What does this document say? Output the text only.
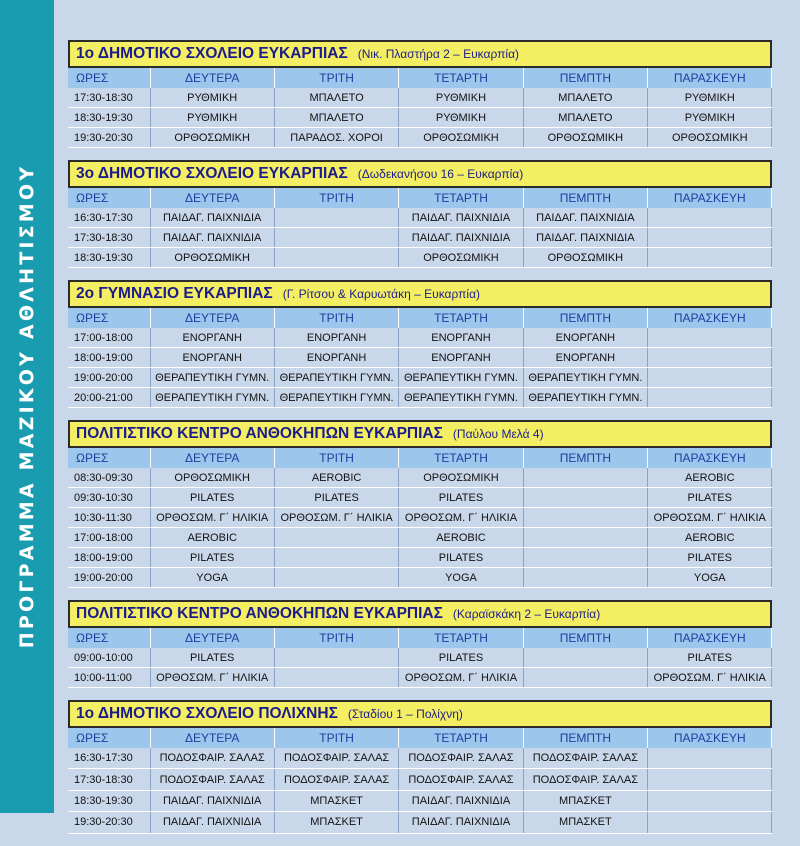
ΠΡΟΓΡΑΜΜΑ ΜΑΖΙΚΟΥ ΑΘΛΗΤΙΣΜΟΥ
1ο ΔΗΜΟΤΙΚΟ ΣΧΟΛΕΙΟ ΕΥΚΑΡΠΙΑΣ (Νικ. Πλαστήρα 2 – Ευκαρπία)
ΩΡΕΣ	ΔΕΥΤΕΡΑ	ΤΡΙΤΗ	ΤΕΤΑΡΤΗ	ΠΕΜΠΤΗ	ΠΑΡΑΣΚΕΥΗ
17:30-18:30	ΡΥΘΜΙΚΗ	ΜΠΑΛΕΤΟ	ΡΥΘΜΙΚΗ	ΜΠΑΛΕΤΟ	ΡΥΘΜΙΚΗ
18:30-19:30	ΡΥΘΜΙΚΗ	ΜΠΑΛΕΤΟ	ΡΥΘΜΙΚΗ	ΜΠΑΛΕΤΟ	ΡΥΘΜΙΚΗ
19:30-20:30	ΟΡΘΟΣΩΜΙΚΗ	ΠΑΡΑΔΟΣ. ΧΟΡΟΙ	ΟΡΘΟΣΩΜΙΚΗ	ΟΡΘΟΣΩΜΙΚΗ	ΟΡΘΟΣΩΜΙΚΗ
3ο ΔΗΜΟΤΙΚΟ ΣΧΟΛΕΙΟ ΕΥΚΑΡΠΙΑΣ (Δωδεκανήσου 16 – Ευκαρπία)
ΩΡΕΣ	ΔΕΥΤΕΡΑ	ΤΡΙΤΗ	ΤΕΤΑΡΤΗ	ΠΕΜΠΤΗ	ΠΑΡΑΣΚΕΥΗ
16:30-17:30	ΠΑΙΔΑΓ. ΠΑΙΧΝΙΔΙΑ		ΠΑΙΔΑΓ. ΠΑΙΧΝΙΔΙΑ	ΠΑΙΔΑΓ. ΠΑΙΧΝΙΔΙΑ	
17:30-18:30	ΠΑΙΔΑΓ. ΠΑΙΧΝΙΔΙΑ		ΠΑΙΔΑΓ. ΠΑΙΧΝΙΔΙΑ	ΠΑΙΔΑΓ. ΠΑΙΧΝΙΔΙΑ	
18:30-19:30	ΟΡΘΟΣΩΜΙΚΗ		ΟΡΘΟΣΩΜΙΚΗ	ΟΡΘΟΣΩΜΙΚΗ	
2ο ΓΥΜΝΑΣΙΟ ΕΥΚΑΡΠΙΑΣ (Γ. Ρίτσου & Καρυωτάκη – Ευκαρπία)
ΩΡΕΣ	ΔΕΥΤΕΡΑ	ΤΡΙΤΗ	ΤΕΤΑΡΤΗ	ΠΕΜΠΤΗ	ΠΑΡΑΣΚΕΥΗ
17:00-18:00	ΕΝΟΡΓΑΝΗ	ΕΝΟΡΓΑΝΗ	ΕΝΟΡΓΑΝΗ	ΕΝΟΡΓΑΝΗ	
18:00-19:00	ΕΝΟΡΓΑΝΗ	ΕΝΟΡΓΑΝΗ	ΕΝΟΡΓΑΝΗ	ΕΝΟΡΓΑΝΗ	
19:00-20:00	ΘΕΡΑΠΕΥΤΙΚΗ ΓΥΜΝ.	ΘΕΡΑΠΕΥΤΙΚΗ ΓΥΜΝ.	ΘΕΡΑΠΕΥΤΙΚΗ ΓΥΜΝ.	ΘΕΡΑΠΕΥΤΙΚΗ ΓΥΜΝ.	
20:00-21:00	ΘΕΡΑΠΕΥΤΙΚΗ ΓΥΜΝ.	ΘΕΡΑΠΕΥΤΙΚΗ ΓΥΜΝ.	ΘΕΡΑΠΕΥΤΙΚΗ ΓΥΜΝ.	ΘΕΡΑΠΕΥΤΙΚΗ ΓΥΜΝ.	
ΠΟΛΙΤΙΣΤΙΚΟ ΚΕΝΤΡΟ ΑΝΘΟΚΗΠΩΝ ΕΥΚΑΡΠΙΑΣ (Παύλου Μελά 4)
ΩΡΕΣ	ΔΕΥΤΕΡΑ	ΤΡΙΤΗ	ΤΕΤΑΡΤΗ	ΠΕΜΠΤΗ	ΠΑΡΑΣΚΕΥΗ
08:30-09:30	ΟΡΘΟΣΩΜΙΚΗ	AEROBIC	ΟΡΘΟΣΩΜΙΚΗ		AEROBIC
09:30-10:30	PILATES	PILATES	PILATES		PILATES
10:30-11:30	ΟΡΘΟΣΩΜ. Γ΄ ΗΛΙΚΙΑ	ΟΡΘΟΣΩΜ. Γ΄ ΗΛΙΚΙΑ	ΟΡΘΟΣΩΜ. Γ΄ ΗΛΙΚΙΑ		ΟΡΘΟΣΩΜ. Γ΄ ΗΛΙΚΙΑ
17:00-18:00	AEROBIC		AEROBIC		AEROBIC
18:00-19:00	PILATES		PILATES		PILATES
19:00-20:00	YOGA		YOGA		YOGA
ΠΟΛΙΤΙΣΤΙΚΟ ΚΕΝΤΡΟ ΑΝΘΟΚΗΠΩΝ ΕΥΚΑΡΠΙΑΣ (Καραϊσκάκη 2 – Ευκαρπία)
ΩΡΕΣ	ΔΕΥΤΕΡΑ	ΤΡΙΤΗ	ΤΕΤΑΡΤΗ	ΠΕΜΠΤΗ	ΠΑΡΑΣΚΕΥΗ
09:00-10:00	PILATES		PILATES		PILATES
10:00-11:00	ΟΡΘΟΣΩΜ. Γ΄ ΗΛΙΚΙΑ		ΟΡΘΟΣΩΜ. Γ΄ ΗΛΙΚΙΑ		ΟΡΘΟΣΩΜ. Γ΄ ΗΛΙΚΙΑ
1ο ΔΗΜΟΤΙΚΟ ΣΧΟΛΕΙΟ ΠΟΛΙΧΝΗΣ (Σταδίου 1 – Πολίχνη)
ΩΡΕΣ	ΔΕΥΤΕΡΑ	ΤΡΙΤΗ	ΤΕΤΑΡΤΗ	ΠΕΜΠΤΗ	ΠΑΡΑΣΚΕΥΗ
16:30-17:30	ΠΟΔΟΣΦΑΙΡ. ΣΑΛΑΣ	ΠΟΔΟΣΦΑΙΡ. ΣΑΛΑΣ	ΠΟΔΟΣΦΑΙΡ. ΣΑΛΑΣ	ΠΟΔΟΣΦΑΙΡ. ΣΑΛΑΣ	
17:30-18:30	ΠΟΔΟΣΦΑΙΡ. ΣΑΛΑΣ	ΠΟΔΟΣΦΑΙΡ. ΣΑΛΑΣ	ΠΟΔΟΣΦΑΙΡ. ΣΑΛΑΣ	ΠΟΔΟΣΦΑΙΡ. ΣΑΛΑΣ	
18:30-19:30	ΠΑΙΔΑΓ. ΠΑΙΧΝΙΔΙΑ	ΜΠΑΣΚΕΤ	ΠΑΙΔΑΓ. ΠΑΙΧΝΙΔΙΑ	ΜΠΑΣΚΕΤ	
19:30-20:30	ΠΑΙΔΑΓ. ΠΑΙΧΝΙΔΙΑ	ΜΠΑΣΚΕΤ	ΠΑΙΔΑΓ. ΠΑΙΧΝΙΔΙΑ	ΜΠΑΣΚΕΤ	
